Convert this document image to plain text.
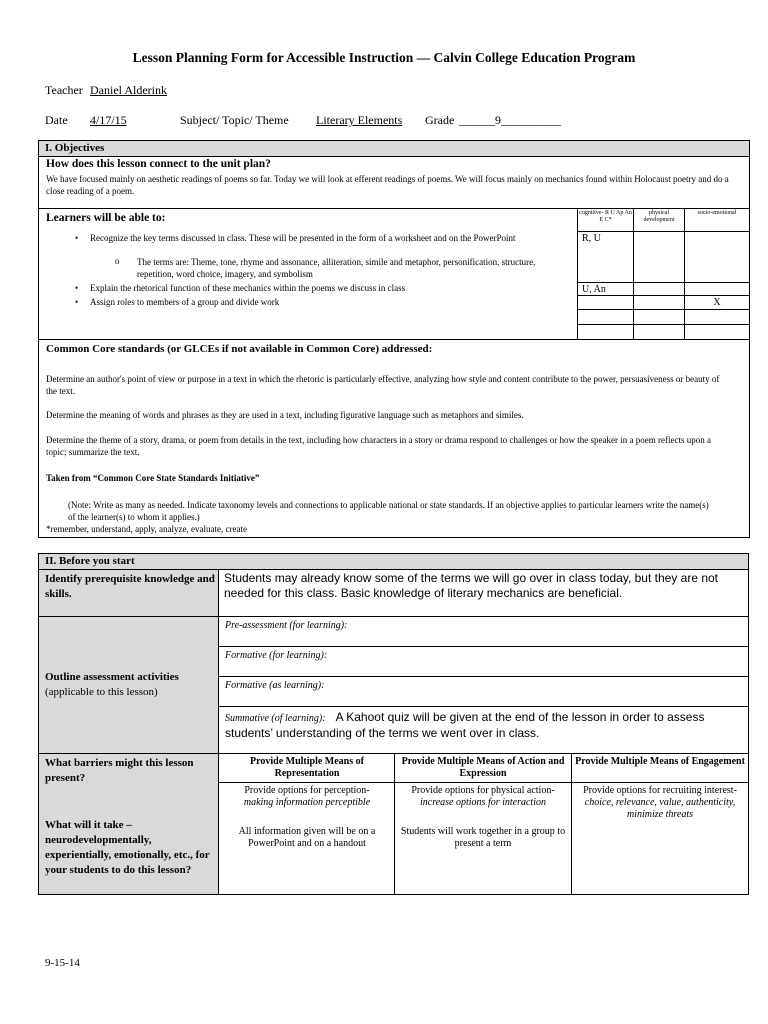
Lesson Planning Form for Accessible Instruction — Calvin College Education Program
Teacher Daniel Alderink
Date 4/17/15	Subject/ Topic/ Theme Literary Elements Grade ______9__________
I. Objectives
How does this lesson connect to the unit plan?
We have focused mainly on aesthetic readings of poems so far. Today we will look at efferent readings of poems. We will focus mainly on mechanics found within Holocaust poetry and do a close reading of a poem.
Learners will be able to:
Recognize the key terms discussed in class. These will be presented in the form of a worksheet and on the PowerPoint
o	The terms are: Theme, tone, rhyme and assonance, alliteration, simile and metaphor, personification, structure, repetition, word choice, imagery, and symbolism
Explain the rhetorical function of these mechanics within the poems we discuss in class
Assign roles to members of a group and divide work
cognitive- R U Ap An E C*
physical development
socio-emotional
R, U
U, An
X
Common Core standards (or GLCEs if not available in Common Core) addressed:
Determine an author's point of view or purpose in a text in which the rhetoric is particularly effective, analyzing how style and content contribute to the power, persuasiveness or beauty of the text.
Determine the meaning of words and phrases as they are used in a text, including figurative language such as metaphors and similes.
Determine the theme of a story, drama, or poem from details in the text, including how characters in a story or drama respond to challenges or how the speaker in a poem reflects upon a topic; summarize the text.
Taken from “Common Core State Standards Initiative”
(Note: Write as many as needed. Indicate taxonomy levels and connections to applicable national or state standards. If an objective applies to particular learners write the name(s) of the learner(s) to whom it applies.)
*remember, understand, apply, analyze, evaluate, create
II. Before you start
Identify prerequisite knowledge and skills.
Students may already know some of the terms we will go over in class today, but they are not needed for this class. Basic knowledge of literary mechanics are beneficial.
Outline assessment activities
(applicable to this lesson)
Pre-assessment (for learning):
Formative (for learning):
Formative (as learning):
Summative (of learning): A Kahoot quiz will be given at the end of the lesson in order to assess students’ understanding of the terms we went over in class.
What barriers might this lesson present?
What will it take – neurodevelopmentally, experientially, emotionally, etc., for your students to do this lesson?
Provide Multiple Means of Representation
Provide options for perception-
making information perceptible
All information given will be on a PowerPoint and on a handout
Provide Multiple Means of Action and Expression
Provide options for physical action-
increase options for interaction
Students will work together in a group to present a term
Provide Multiple Means of Engagement
Provide options for recruiting interest- choice, relevance, value, authenticity, minimize threats
9-15-14
